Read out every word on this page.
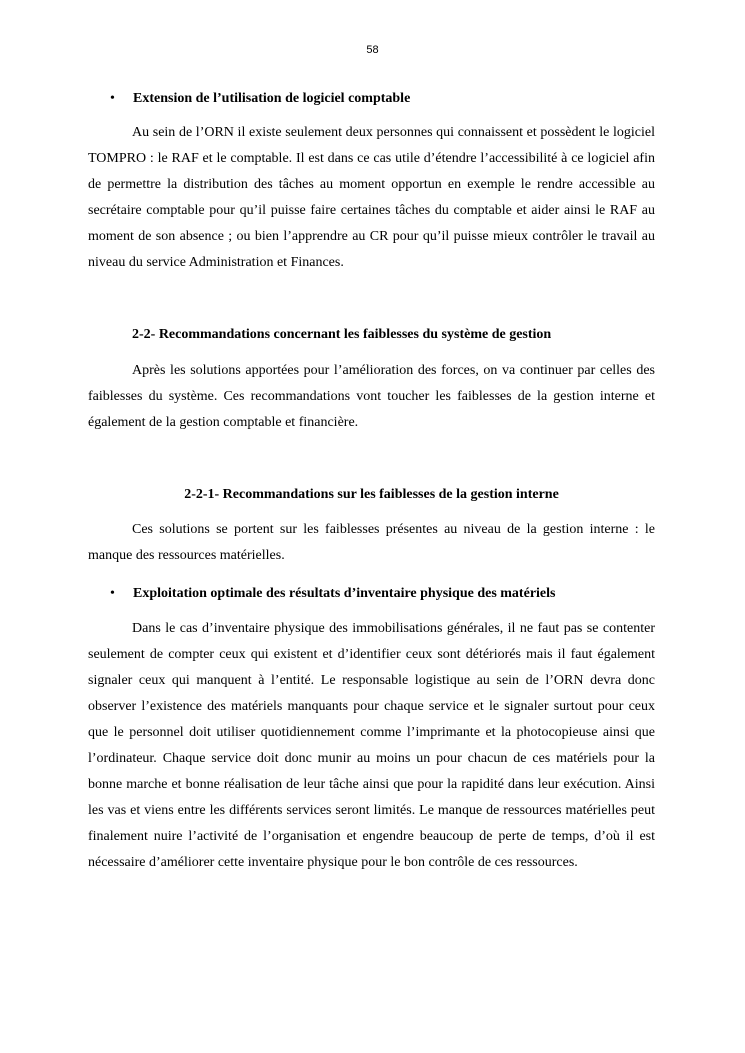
58
•	Extension de l’utilisation de logiciel comptable

Au sein de l’ORN il existe seulement deux personnes qui connaissent et possèdent le logiciel TOMPRO : le RAF et le comptable. Il est dans ce cas utile d’étendre l’accessibilité à ce logiciel afin de permettre la distribution des tâches au moment opportun en exemple le rendre accessible au secrétaire comptable pour qu’il puisse faire certaines tâches du comptable et aider ainsi le RAF au moment de son absence ; ou bien l’apprendre au CR pour qu’il puisse mieux contrôler le travail au niveau du service Administration et Finances.

2-2- Recommandations concernant les faiblesses du système de gestion

Après les solutions apportées pour l’amélioration des forces, on va continuer par celles des faiblesses du système. Ces recommandations vont toucher les faiblesses de la gestion interne et également de la gestion comptable et financière.

2-2-1- Recommandations sur les faiblesses de la gestion interne

Ces solutions se portent sur les faiblesses présentes au niveau de la gestion interne : le manque des ressources matérielles.

•	Exploitation optimale des résultats d’inventaire physique des matériels

Dans le cas d’inventaire physique des immobilisations générales, il ne faut pas se contenter seulement de compter ceux qui existent et d’identifier ceux sont détériorés mais il faut également signaler ceux qui manquent à l’entité. Le responsable logistique au sein de l’ORN devra donc observer l’existence des matériels manquants pour chaque service et le signaler surtout pour ceux que le personnel doit utiliser quotidiennement comme l’imprimante et la photocopieuse ainsi que l’ordinateur. Chaque service doit donc munir au moins un pour chacun de ces matériels pour la bonne marche et bonne réalisation de leur tâche ainsi que pour la rapidité dans leur exécution. Ainsi les vas et viens entre les différents services seront limités. Le manque de ressources matérielles peut finalement nuire l’activité de l’organisation et engendre beaucoup de perte de temps, d’où il est nécessaire d’améliorer cette inventaire physique pour le bon contrôle de ces ressources.
